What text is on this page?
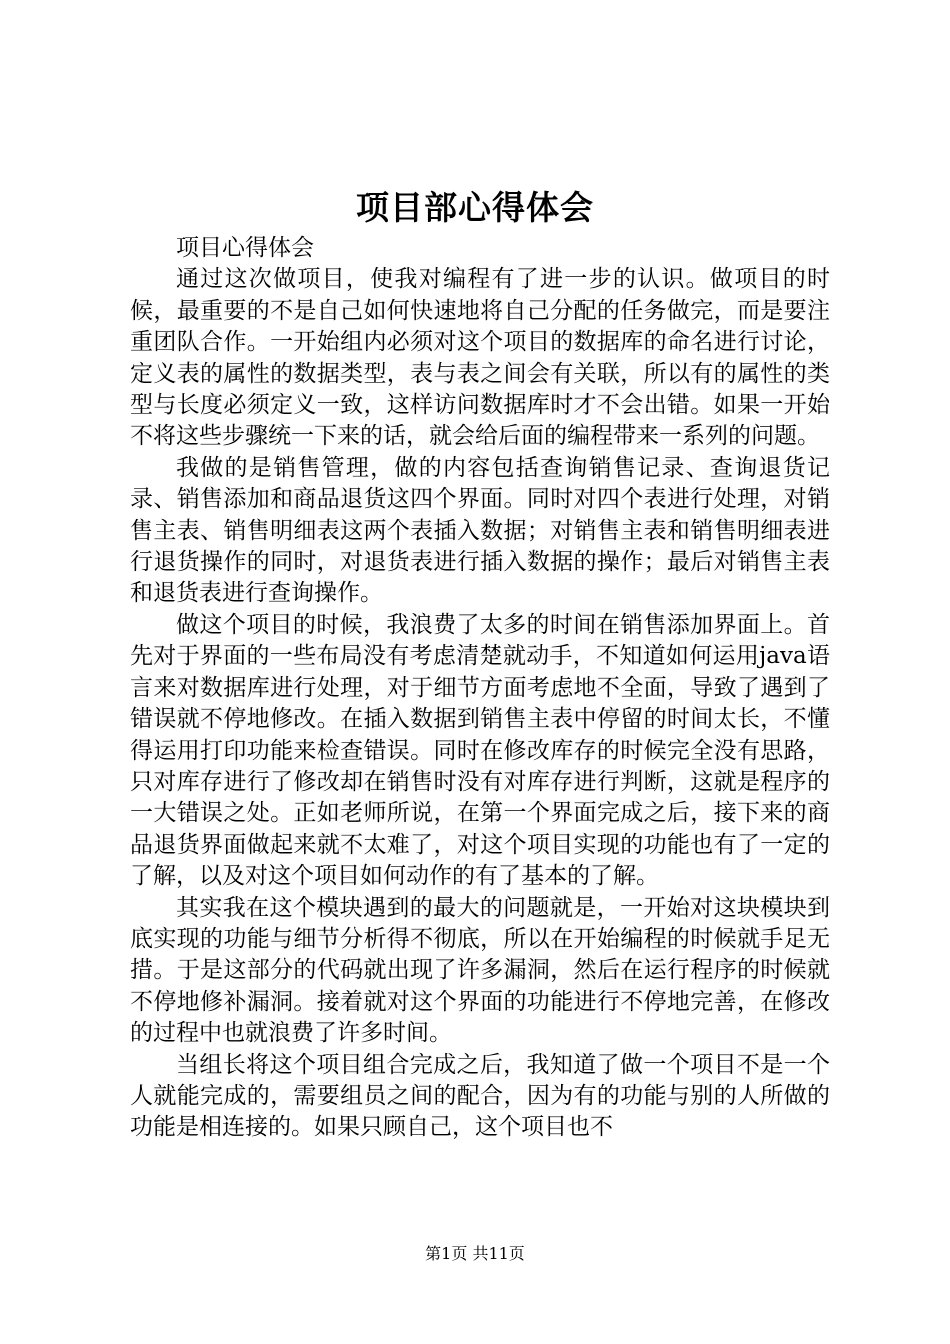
项目部心得体会

项目心得体会

通过这次做项目，使我对编程有了进一步的认识。做项目的时候，最重要的不是自己如何快速地将自己分配的任务做完，而是要注重团队合作。一开始组内必须对这个项目的数据库的命名进行讨论，定义表的属性的数据类型，表与表之间会有关联，所以有的属性的类型与长度必须定义一致，这样访问数据库时才不会出错。如果一开始不将这些步骤统一下来的话，就会给后面的编程带来一系列的问题。

我做的是销售管理，做的内容包括查询销售记录、查询退货记录、销售添加和商品退货这四个界面。同时对四个表进行处理，对销售主表、销售明细表这两个表插入数据；对销售主表和销售明细表进行退货操作的同时，对退货表进行插入数据的操作；最后对销售主表和退货表进行查询操作。

做这个项目的时候，我浪费了太多的时间在销售添加界面上。首先对于界面的一些布局没有考虑清楚就动手，不知道如何运用java语言来对数据库进行处理，对于细节方面考虑地不全面，导致了遇到了错误就不停地修改。在插入数据到销售主表中停留的时间太长，不懂得运用打印功能来检查错误。同时在修改库存的时候完全没有思路，只对库存进行了修改却在销售时没有对库存进行判断，这就是程序的一大错误之处。正如老师所说，在第一个界面完成之后，接下来的商品退货界面做起来就不太难了，对这个项目实现的功能也有了一定的了解，以及对这个项目如何动作的有了基本的了解。

其实我在这个模块遇到的最大的问题就是，一开始对这块模块到底实现的功能与细节分析得不彻底，所以在开始编程的时候就手足无措。于是这部分的代码就出现了许多漏洞，然后在运行程序的时候就不停地修补漏洞。接着就对这个界面的功能进行不停地完善，在修改的过程中也就浪费了许多时间。

当组长将这个项目组合完成之后，我知道了做一个项目不是一个人就能完成的，需要组员之间的配合，因为有的功能与别的人所做的功能是相连接的。如果只顾自己，这个项目也不

第1页 共11页
